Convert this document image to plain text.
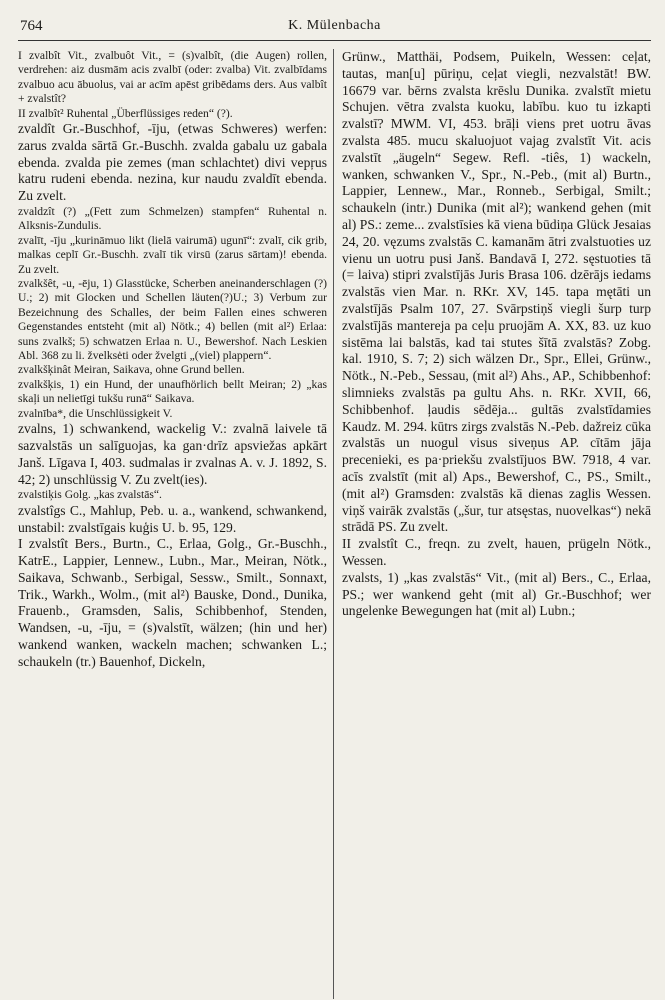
764	K. Mülenbacha
I zvalbît Vit., zvalbuôt Vit., = (s)valbît, (die Augen) rollen, verdrehen: aiz dusmām acis zvalbī (oder: zvalba) Vit. zvalbīdams zvalbuo acu ābuolus, vai ar acīm apēst gribēdams ders. Aus valbît + zvalstît?
II zvalbît² Ruhental „Überflüssiges reden“ (?).
zvaldît Gr.-Buschhof, -īju, (etwas Schweres) werfen: zarus zvalda sārtā Gr.-Buschh. zvalda gabalu uz gabala ebenda. zvalda pie zemes (man schlachtet) divi vepŗus katru rudeni ebenda. nezina, kur naudu zvaldīt ebenda. Zu zvelt.
zvaldzît (?) „(Fett zum Schmelzen) stampfen“ Ruhental n. Alksnis-Zundulis.
zvalīt, -īju „kurināmuo likt (lielā vairumā) ugunī“: zvalī, cik grib, malkas ceplī Gr.-Buschh. zvalī tik virsū (zarus sārtam)! ebenda. Zu zvelt.
zvalkšêt, -u, -ēju, 1) Glasstücke, Scherben aneinanderschlagen (?) U.; 2) mit Glocken und Schellen läuten(?)U.; 3) Verbum zur Bezeichnung des Schalles, der beim Fallen eines schweren Gegenstandes entsteht (mit al) Nötk.; 4) bellen (mit al²) Erlaa: suns zvalkš; 5) schwatzen Erlaa n. U., Bewershof. Nach Leskien Abl. 368 zu li. žvelksėti oder žvelgti „(viel) plappern“.
zvalkšķinât Meiran, Saikava, ohne Grund bellen.
zvalkšķis, 1) ein Hund, der unaufhörlich bellt Meiran; 2) „kas skaļi un nelietīgi tukšu runā“ Saikava.
zvalnība*, die Unschlüssigkeit V.
zvalns, 1) schwankend, wackelig V.: zvalnā laivele tā sazvalstās un salīguojas, ka gan·drīz apsviežas apkārt Janš. Līgava I, 403. sudmalas ir zvalnas A. v. J. 1892, S. 42; 2) unschlüssig V. Zu zvelt(ies).
zvalstiķis Golg. „kas zvalstās“.
zvalstîgs C., Mahlup, Peb. u. a., wankend, schwankend, unstabil: zvalstīgais kuģis U. b. 95, 129.
I zvalstît Bers., Burtn., C., Erlaa, Golg., Gr.-Buschh., KatrE., Lappier, Lennew., Lubn., Mar., Meiran, Nötk., Saikava, Schwanb., Serbigal, Sessw., Smilt., Sonnaxt, Trik., Warkh., Wolm., (mit al²) Bauske, Dond., Dunika, Frauenb., Gramsden, Salis, Schibbenhof, Stenden, Wandsen, -u, -īju, = (s)valstīt, wälzen; (hin und her) wankend wanken, wackeln machen; schwanken L.; schaukeln (tr.) Bauenhof, Dickeln,
Grünw., Matthäi, Podsem, Puikeln, Wessen: ceļat, tautas, man[u] pūriņu, ceļat viegli, nezvalstāt! BW. 16679 var. bērns zvalsta krēslu Dunika. zvalstīt mietu Schujen. vētra zvalsta kuoku, labību. kuo tu izkapti zvalstī? MWM. VI, 453. brāļi viens pret uotru āvas zvalsta 485. mucu skaluojuot vajag zvalstīt Vit. acis zvalstīt „äugeln“ Segew. Refl. -tiês, 1) wackeln, wanken, schwanken V., Spr., N.-Peb., (mit al) Burtn., Lappier, Lennew., Mar., Ronneb., Serbigal, Smilt.; schaukeln (intr.) Dunika (mit al²); wankend gehen (mit al) PS.: zeme... zvalstīsies kā viena būdiņa Glück Jesaias 24, 20. vęzums zvalstās C. kamanām ātri zvalstuoties uz vienu un uotru pusi Janš. Bandavā I, 272. sęstuoties tā (= laiva) stipri zvalstījās Juris Brasa 106. dzērājs iedams zvalstās vien Mar. n. RKr. XV, 145. tapa mętāti un zvalstījās Psalm 107, 27. Svārpstiņš viegli šurp turp zvalstījās mantereja pa ceļu pruojām A. XX, 83. uz kuo sistēma lai balstās, kad tai stutes šītā zvalstās? Zobg. kal. 1910, S. 7; 2) sich wälzen Dr., Spr., Ellei, Grünw., Nötk., N.-Peb., Sessau, (mit al²) Ahs., AP., Schibbenhof: slimnieks zvalstās pa gultu Ahs. n. RKr. XVII, 66, Schibbenhof. ļaudis sēdēja... gultās zvalstīdamies Kaudz. M. 294. kūtrs zirgs zvalstās N.-Peb. dažreiz cūka zvalstās un nuogul visus siveņus AP. cītām jāja precenieki, es pa·priekšu zvalstījuos BW. 7918, 4 var. acīs zvalstīt (mit al) Aps., Bewershof, C., PS., Smilt., (mit al²) Gramsden: zvalstās kā dienas zaglis Wessen. viņš vairāk zvalstās („šur, tur atsęstas, nuovelkas“) nekā strādā PS. Zu zvelt.
II zvalstît C., freqn. zu zvelt, hauen, prügeln Nötk., Wessen.
zvalsts, 1) „kas zvalstās“ Vit., (mit al) Bers., C., Erlaa, PS.; wer wankend geht (mit al) Gr.-Buschhof; wer ungelenke Bewegungen hat (mit al) Lubn.;
